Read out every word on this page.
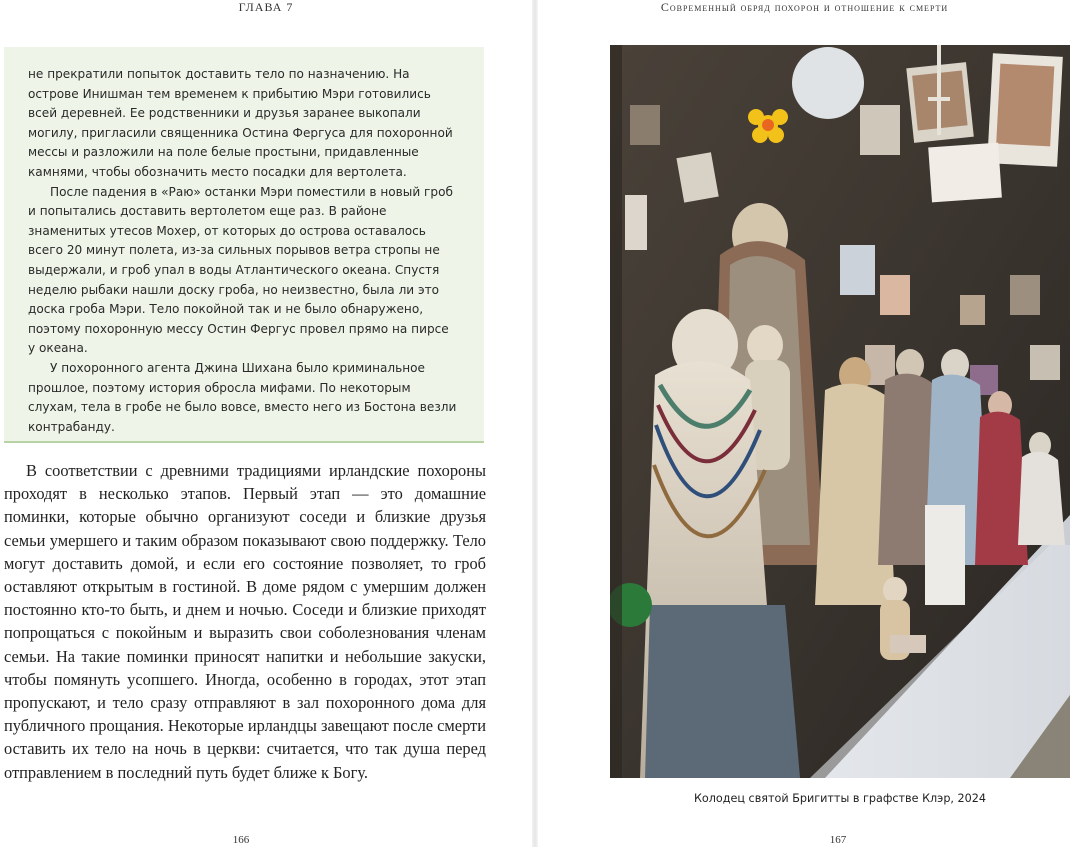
ГЛАВА 7

не прекратили попыток доставить тело по назначению. На острове Инишман тем временем к прибытию Мэри готовились всей деревней. Ее родственники и друзья заранее выкопали могилу, пригласили священника Остина Фергуса для похоронной мессы и разложили на поле белые простыни, придавленные камнями, чтобы обозначить место посадки для вертолета.

После падения в «Раю» останки Мэри поместили в новый гроб и попытались доставить вертолетом еще раз. В районе знаменитых утесов Мохер, от которых до острова оставалось всего 20 минут полета, из-за сильных порывов ветра стропы не выдержали, и гроб упал в воды Атлантического океана. Спустя неделю рыбаки нашли доску гроба, но неизвестно, была ли это доска гроба Мэри. Тело покойной так и не было обнаружено, поэтому похоронную мессу Остин Фергус провел прямо на пирсе у океана.

У похоронного агента Джина Шихана было криминальное прошлое, поэтому история обросла мифами. По некоторым слухам, тела в гробе не было вовсе, вместо него из Бостона везли контрабанду.

В соответствии с древними традициями ирландские похороны проходят в несколько этапов. Первый этап — это домашние поминки, которые обычно организуют соседи и близкие друзья семьи умершего и таким образом показывают свою поддержку. Тело могут доставить домой, и если его состояние позволяет, то гроб оставляют открытым в гостиной. В доме рядом с умершим должен постоянно кто-то быть, и днем и ночью. Соседи и близкие приходят попрощаться с покойным и выразить свои соболезнования членам семьи. На такие поминки приносят напитки и небольшие закуски, чтобы помянуть усопшего. Иногда, особенно в городах, этот этап пропускают, и тело сразу отправляют в зал похоронного дома для публичного прощания. Некоторые ирландцы завещают после смерти оставить их тело на ночь в церкви: считается, что так душа перед отправлением в последний путь будет ближе к Богу.

166
Современный обряд похорон и отношение к смерти
Колодец святой Бригитты в графстве Клэр, 2024
167
